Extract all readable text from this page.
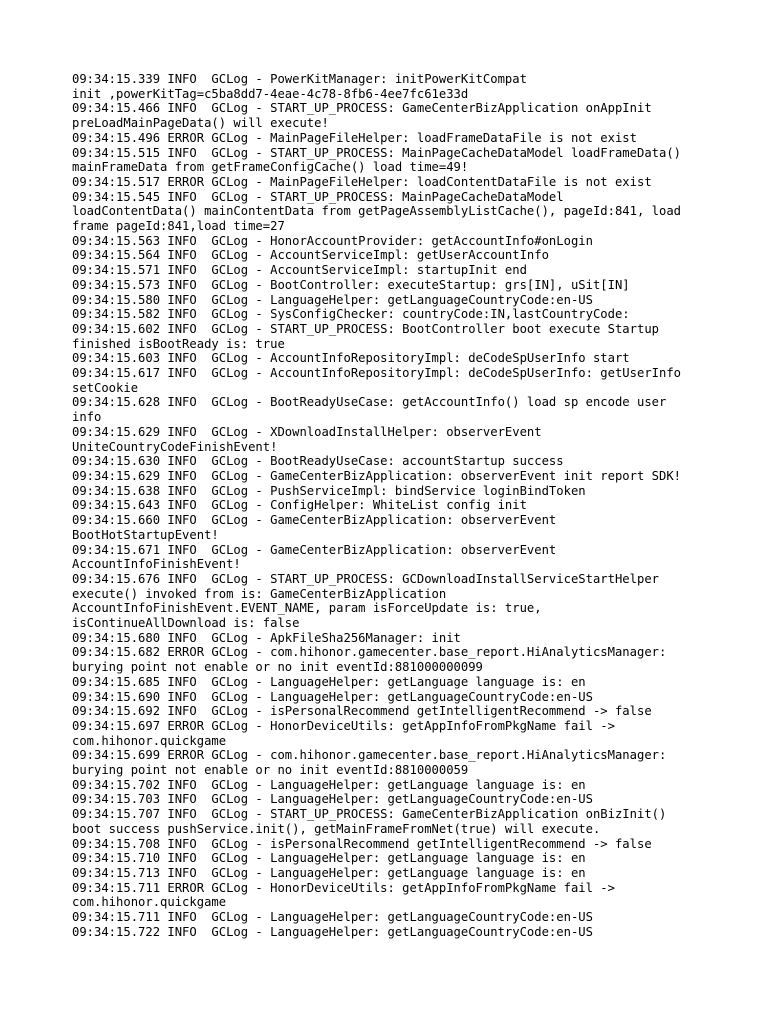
09:34:15.339 INFO  GCLog - PowerKitManager: initPowerKitCompat
init ,powerKitTag=c5ba8dd7-4eae-4c78-8fb6-4ee7fc61e33d
09:34:15.466 INFO  GCLog - START_UP_PROCESS: GameCenterBizApplication onAppInit
preLoadMainPageData() will execute!
09:34:15.496 ERROR GCLog - MainPageFileHelper: loadFrameDataFile is not exist
09:34:15.515 INFO  GCLog - START_UP_PROCESS: MainPageCacheDataModel loadFrameData()
mainFrameData from getFrameConfigCache() load time=49!
09:34:15.517 ERROR GCLog - MainPageFileHelper: loadContentDataFile is not exist
09:34:15.545 INFO  GCLog - START_UP_PROCESS: MainPageCacheDataModel
loadContentData() mainContentData from getPageAssemblyListCache(), pageId:841, load
frame pageId:841,load time=27
09:34:15.563 INFO  GCLog - HonorAccountProvider: getAccountInfo#onLogin
09:34:15.564 INFO  GCLog - AccountServiceImpl: getUserAccountInfo
09:34:15.571 INFO  GCLog - AccountServiceImpl: startupInit end
09:34:15.573 INFO  GCLog - BootController: executeStartup: grs[IN], uSit[IN]
09:34:15.580 INFO  GCLog - LanguageHelper: getLanguageCountryCode:en-US
09:34:15.582 INFO  GCLog - SysConfigChecker: countryCode:IN,lastCountryCode:
09:34:15.602 INFO  GCLog - START_UP_PROCESS: BootController boot execute Startup
finished isBootReady is: true
09:34:15.603 INFO  GCLog - AccountInfoRepositoryImpl: deCodeSpUserInfo start
09:34:15.617 INFO  GCLog - AccountInfoRepositoryImpl: deCodeSpUserInfo: getUserInfo
setCookie
09:34:15.628 INFO  GCLog - BootReadyUseCase: getAccountInfo() load sp encode user
info
09:34:15.629 INFO  GCLog - XDownloadInstallHelper: observerEvent
UniteCountryCodeFinishEvent!
09:34:15.630 INFO  GCLog - BootReadyUseCase: accountStartup success
09:34:15.629 INFO  GCLog - GameCenterBizApplication: observerEvent init report SDK!
09:34:15.638 INFO  GCLog - PushServiceImpl: bindService loginBindToken
09:34:15.643 INFO  GCLog - ConfigHelper: WhiteList config init
09:34:15.660 INFO  GCLog - GameCenterBizApplication: observerEvent
BootHotStartupEvent!
09:34:15.671 INFO  GCLog - GameCenterBizApplication: observerEvent
AccountInfoFinishEvent!
09:34:15.676 INFO  GCLog - START_UP_PROCESS: GCDownloadInstallServiceStartHelper
execute() invoked from is: GameCenterBizApplication
AccountInfoFinishEvent.EVENT_NAME, param isForceUpdate is: true,
isContinueAllDownload is: false
09:34:15.680 INFO  GCLog - ApkFileSha256Manager: init
09:34:15.682 ERROR GCLog - com.hihonor.gamecenter.base_report.HiAnalyticsManager:
burying point not enable or no init eventId:881000000099
09:34:15.685 INFO  GCLog - LanguageHelper: getLanguage language is: en
09:34:15.690 INFO  GCLog - LanguageHelper: getLanguageCountryCode:en-US
09:34:15.692 INFO  GCLog - isPersonalRecommend getIntelligentRecommend -> false
09:34:15.697 ERROR GCLog - HonorDeviceUtils: getAppInfoFromPkgName fail ->
com.hihonor.quickgame
09:34:15.699 ERROR GCLog - com.hihonor.gamecenter.base_report.HiAnalyticsManager:
burying point not enable or no init eventId:8810000059
09:34:15.702 INFO  GCLog - LanguageHelper: getLanguage language is: en
09:34:15.703 INFO  GCLog - LanguageHelper: getLanguageCountryCode:en-US
09:34:15.707 INFO  GCLog - START_UP_PROCESS: GameCenterBizApplication onBizInit()
boot success pushService.init(), getMainFrameFromNet(true) will execute.
09:34:15.708 INFO  GCLog - isPersonalRecommend getIntelligentRecommend -> false
09:34:15.710 INFO  GCLog - LanguageHelper: getLanguage language is: en
09:34:15.713 INFO  GCLog - LanguageHelper: getLanguage language is: en
09:34:15.711 ERROR GCLog - HonorDeviceUtils: getAppInfoFromPkgName fail ->
com.hihonor.quickgame
09:34:15.711 INFO  GCLog - LanguageHelper: getLanguageCountryCode:en-US
09:34:15.722 INFO  GCLog - LanguageHelper: getLanguageCountryCode:en-US
